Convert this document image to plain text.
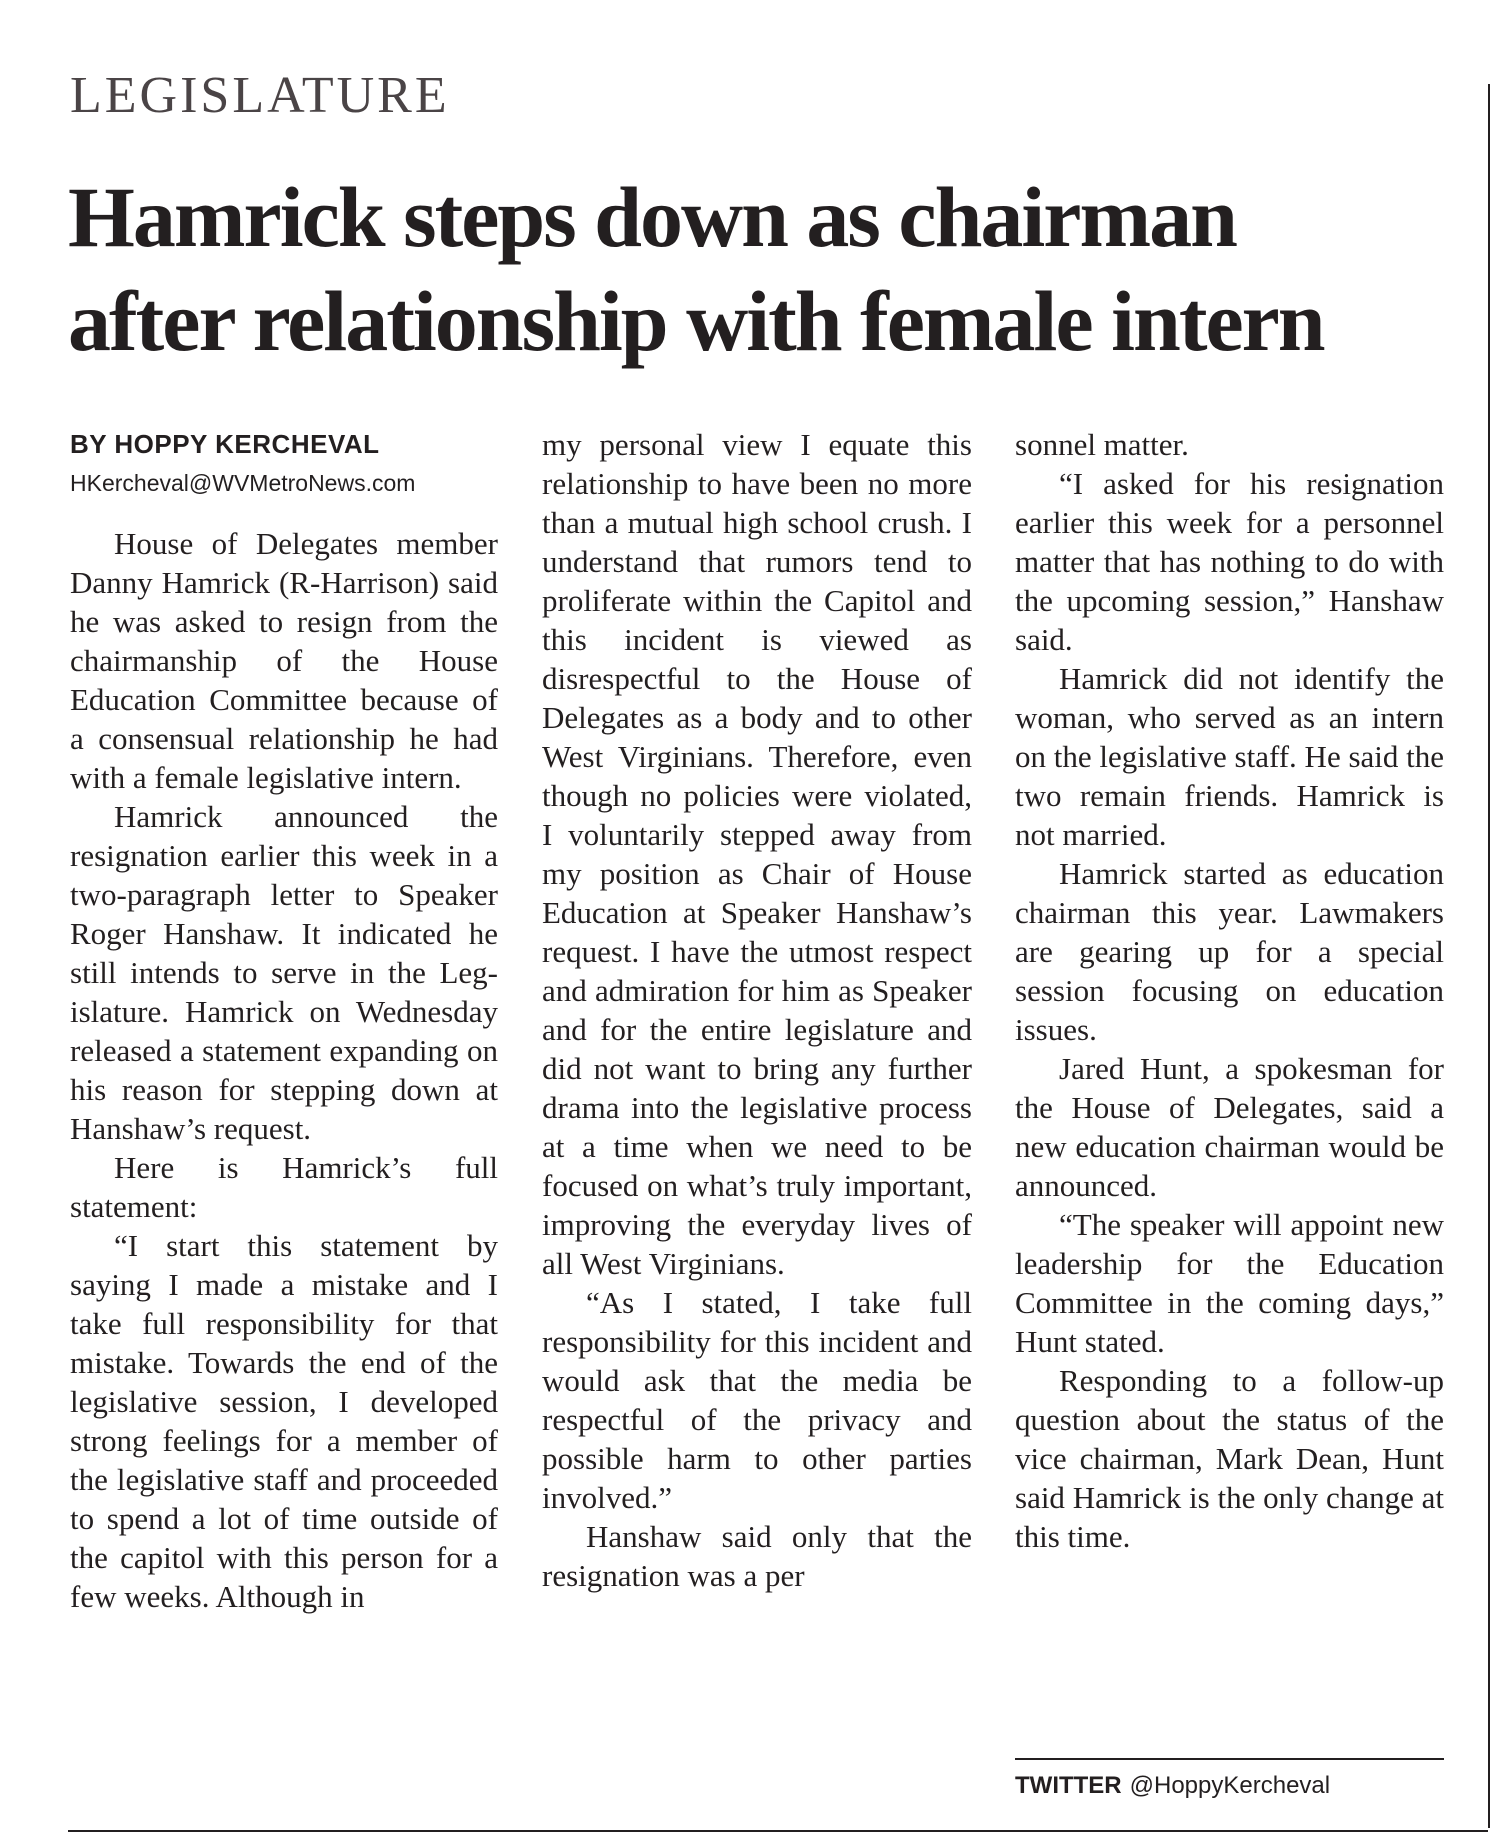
LEGISLATURE
Hamrick steps down as chairman
after relationship with female intern
BY HOPPY KERCHEVAL
HKercheval@WVMetroNews.com

House of Delegates member Danny Hamrick (R-Harrison) said he was asked to resign from the chairmanship of the House Education Committee because of a consensual relationship he had with a female legislative intern.

Hamrick announced the resignation earlier this week in a two-paragraph letter to Speaker Roger Hanshaw. It indicated he still intends to serve in the Legislature. Hamrick on Wednesday released a statement expanding on his reason for stepping down at Hanshaw’s request.

Here is Hamrick’s full statement:

“I start this statement by saying I made a mistake and I take full responsibility for that mistake. Towards the end of the legislative session, I developed strong feelings for a member of the legislative staff and proceeded to spend a lot of time outside of the capitol with this person for a few weeks. Although in

my personal view I equate this relationship to have been no more than a mutual high school crush. I understand that rumors tend to proliferate within the Capitol and this incident is viewed as disrespectful to the House of Delegates as a body and to other West Virginians. Therefore, even though no policies were violated, I voluntarily stepped away from my position as Chair of House Education at Speaker Hanshaw’s request. I have the utmost respect and admiration for him as Speaker and for the entire legislature and did not want to bring any further drama into the legislative process at a time when we need to be focused on what’s truly important, improving the everyday lives of all West Virginians.

“As I stated, I take full responsibility for this incident and would ask that the media be respectful of the privacy and possible harm to other parties involved.”

Hanshaw said only that the resignation was a per

sonnel matter.

“I asked for his resignation earlier this week for a personnel matter that has nothing to do with the upcoming session,” Hanshaw said.

Hamrick did not identify the woman, who served as an intern on the legislative staff. He said the two remain friends. Hamrick is not married.

Hamrick started as education chairman this year. Lawmakers are gearing up for a special session focusing on education issues.

Jared Hunt, a spokesman for the House of Delegates, said a new education chairman would be announced.

“The speaker will appoint new leadership for the Education Committee in the coming days,” Hunt stated.

Responding to a follow-up question about the status of the vice chairman, Mark Dean, Hunt said Hamrick is the only change at this time.

TWITTER @HoppyKercheval
